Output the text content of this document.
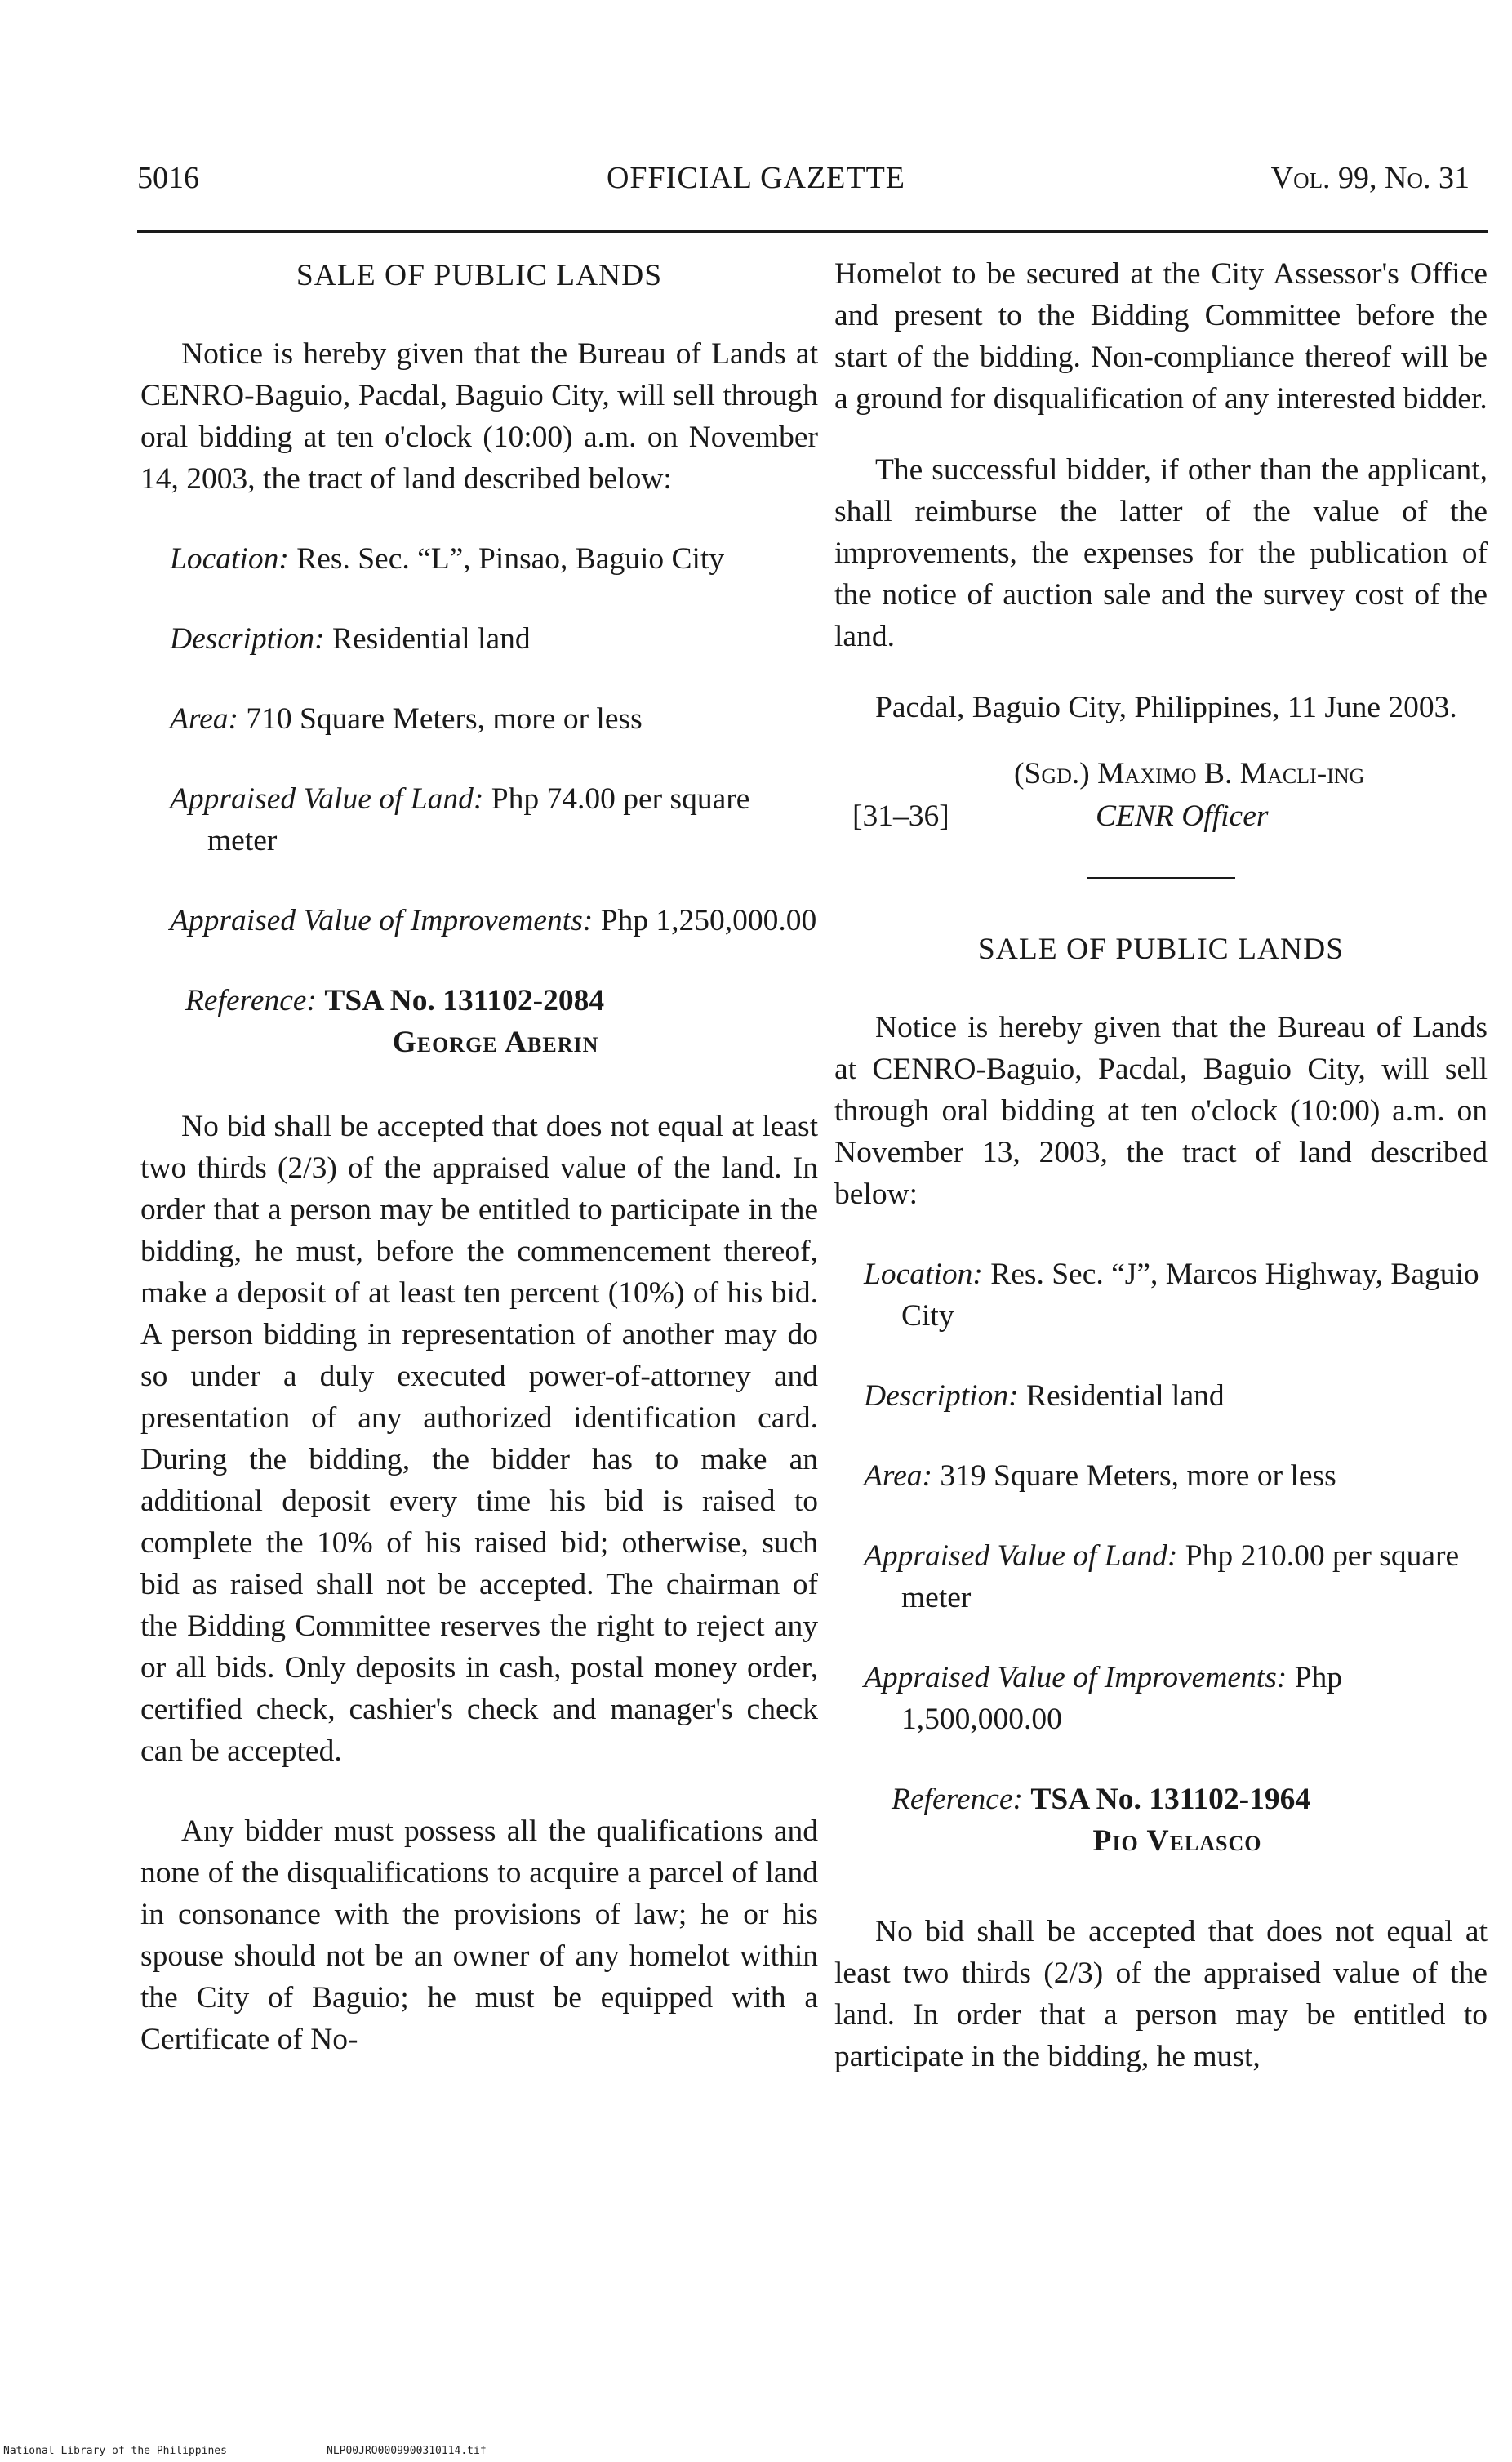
5016	OFFICIAL GAZETTE	Vol. 99, No. 31

SALE OF PUBLIC LANDS

Notice is hereby given that the Bureau of Lands at CENRO-Baguio, Pacdal, Baguio City, will sell through oral bidding at ten o'clock (10:00) a.m. on November 14, 2003, the tract of land described below:

Location: Res. Sec. “L”, Pinsao, Baguio City

Description: Residential land

Area: 710 Square Meters, more or less

Appraised Value of Land: Php 74.00 per square meter

Appraised Value of Improvements: Php 1,250,000.00

Reference: TSA No. 131102-2084

George Aberin

No bid shall be accepted that does not equal at least two thirds (2/3) of the appraised value of the land. In order that a person may be entitled to participate in the bidding, he must, before the commencement thereof, make a deposit of at least ten percent (10%) of his bid. A person bidding in representation of another may do so under a duly executed power-of-attorney and presentation of any authorized identification card. During the bidding, the bidder has to make an additional deposit every time his bid is raised to complete the 10% of his raised bid; otherwise, such bid as raised shall not be accepted. The chairman of the Bidding Committee reserves the right to reject any or all bids. Only deposits in cash, postal money order, certified check, cashier's check and manager's check can be accepted.

Any bidder must possess all the qualifications and none of the disqualifications to acquire a parcel of land in consonance with the provisions of law; he or his spouse should not be an owner of any homelot within the City of Baguio; he must be equipped with a Certificate of No-

Homelot to be secured at the City Assessor's Office and present to the Bidding Committee before the start of the bidding. Non-compliance thereof will be a ground for disqualification of any interested bidder.

The successful bidder, if other than the applicant, shall reimburse the latter of the value of the improvements, the expenses for the publication of the notice of auction sale and the survey cost of the land.

Pacdal, Baguio City, Philippines, 11 June 2003.

(Sgd.) Maximo B. Macli-ing
[31–36]	CENR Officer

SALE OF PUBLIC LANDS

Notice is hereby given that the Bureau of Lands at CENRO-Baguio, Pacdal, Baguio City, will sell through oral bidding at ten o'clock (10:00) a.m. on November 13, 2003, the tract of land described below:

Location: Res. Sec. “J”, Marcos Highway, Baguio City

Description: Residential land

Area: 319 Square Meters, more or less

Appraised Value of Land: Php 210.00 per square meter

Appraised Value of Improvements: Php 1,500,000.00

Reference: TSA No. 131102-1964

Pio Velasco

No bid shall be accepted that does not equal at least two thirds (2/3) of the appraised value of the land. In order that a person may be entitled to participate in the bidding, he must,

National Library of the Philippines	NLP00JRO0009900310114.tif
